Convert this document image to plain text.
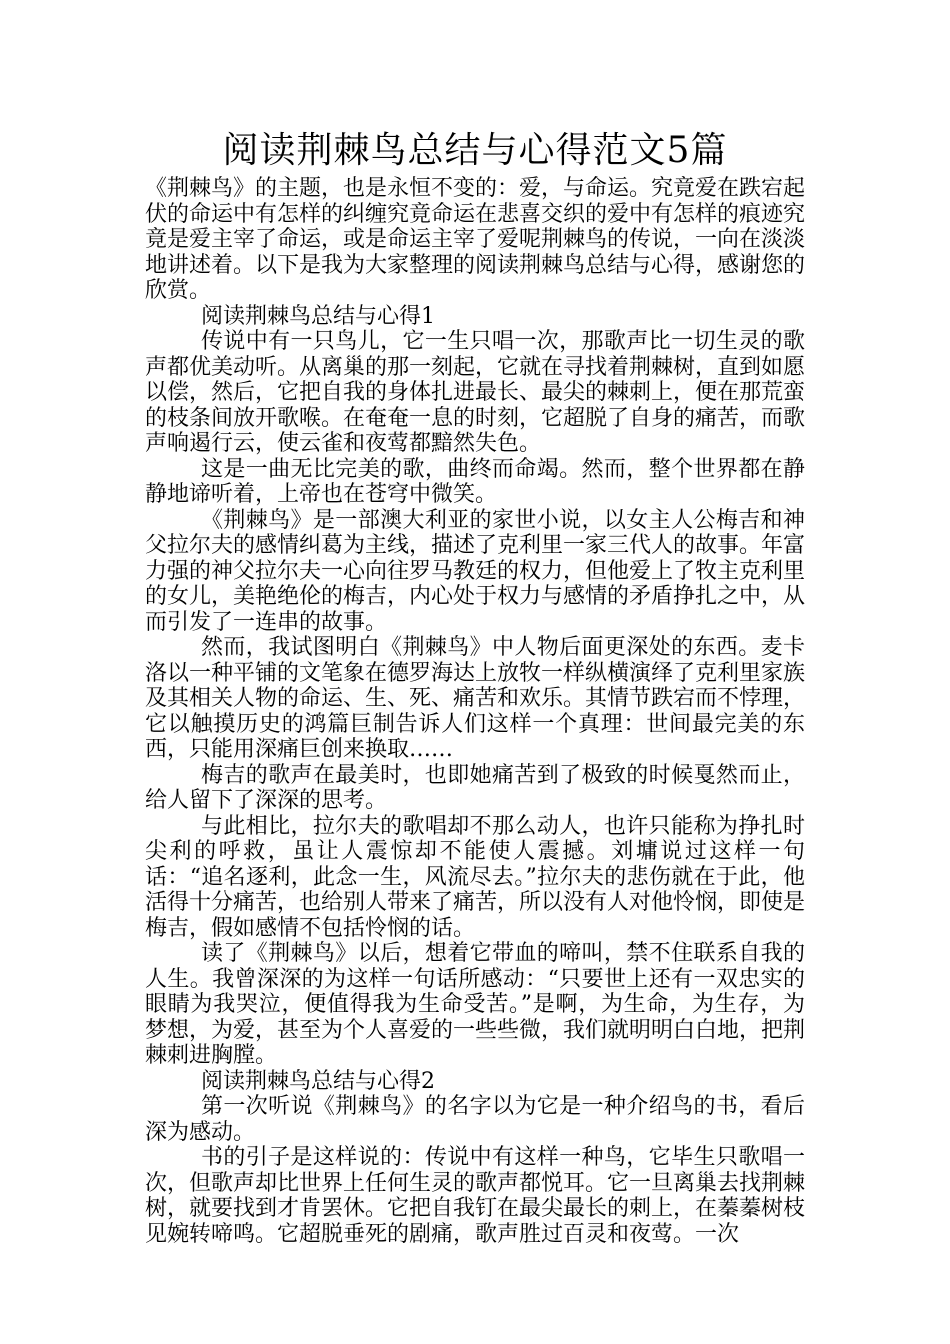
阅读荆棘鸟总结与心得范文5篇

《荆棘鸟》的主题，也是永恒不变的：爱，与命运。究竟爱在跌宕起伏的命运中有怎样的纠缠究竟命运在悲喜交织的爱中有怎样的痕迹究竟是爱主宰了命运，或是命运主宰了爱呢荆棘鸟的传说，一向在淡淡地讲述着。以下是我为大家整理的阅读荆棘鸟总结与心得，感谢您的欣赏。

阅读荆棘鸟总结与心得1

传说中有一只鸟儿，它一生只唱一次，那歌声比一切生灵的歌声都优美动听。从离巢的那一刻起，它就在寻找着荆棘树，直到如愿以偿，然后，它把自我的身体扎进最长、最尖的棘刺上，便在那荒蛮的枝条间放开歌喉。在奄奄一息的时刻，它超脱了自身的痛苦，而歌声响遏行云，使云雀和夜莺都黯然失色。

这是一曲无比完美的歌，曲终而命竭。然而，整个世界都在静静地谛听着，上帝也在苍穹中微笑。

《荆棘鸟》是一部澳大利亚的家世小说，以女主人公梅吉和神父拉尔夫的感情纠葛为主线，描述了克利里一家三代人的故事。年富力强的神父拉尔夫一心向往罗马教廷的权力，但他爱上了牧主克利里的女儿，美艳绝伦的梅吉，内心处于权力与感情的矛盾挣扎之中，从而引发了一连串的故事。

然而，我试图明白《荆棘鸟》中人物后面更深处的东西。麦卡洛以一种平铺的文笔象在德罗海达上放牧一样纵横演绎了克利里家族及其相关人物的命运、生、死、痛苦和欢乐。其情节跌宕而不悖理，它以触摸历史的鸿篇巨制告诉人们这样一个真理：世间最完美的东西，只能用深痛巨创来换取……

梅吉的歌声在最美时，也即她痛苦到了极致的时候戛然而止，给人留下了深深的思考。

与此相比，拉尔夫的歌唱却不那么动人，也许只能称为挣扎时尖利的呼救，虽让人震惊却不能使人震撼。刘墉说过这样一句话：“追名逐利，此念一生，风流尽去。”拉尔夫的悲伤就在于此，他活得十分痛苦，也给别人带来了痛苦，所以没有人对他怜悯，即使是梅吉，假如感情不包括怜悯的话。

读了《荆棘鸟》以后，想着它带血的啼叫，禁不住联系自我的人生。我曾深深的为这样一句话所感动：“只要世上还有一双忠实的眼睛为我哭泣，便值得我为生命受苦。”是啊，为生命，为生存，为梦想，为爱，甚至为个人喜爱的一些些微，我们就明明白白地，把荆棘刺进胸膛。

阅读荆棘鸟总结与心得2

第一次听说《荆棘鸟》的名字以为它是一种介绍鸟的书，看后深为感动。

书的引子是这样说的：传说中有这样一种鸟，它毕生只歌唱一次，但歌声却比世界上任何生灵的歌声都悦耳。它一旦离巢去找荆棘树，就要找到才肯罢休。它把自我钉在最尖最长的刺上，在蓁蓁树枝见婉转啼鸣。它超脱垂死的剧痛，歌声胜过百灵和夜莺。一次
